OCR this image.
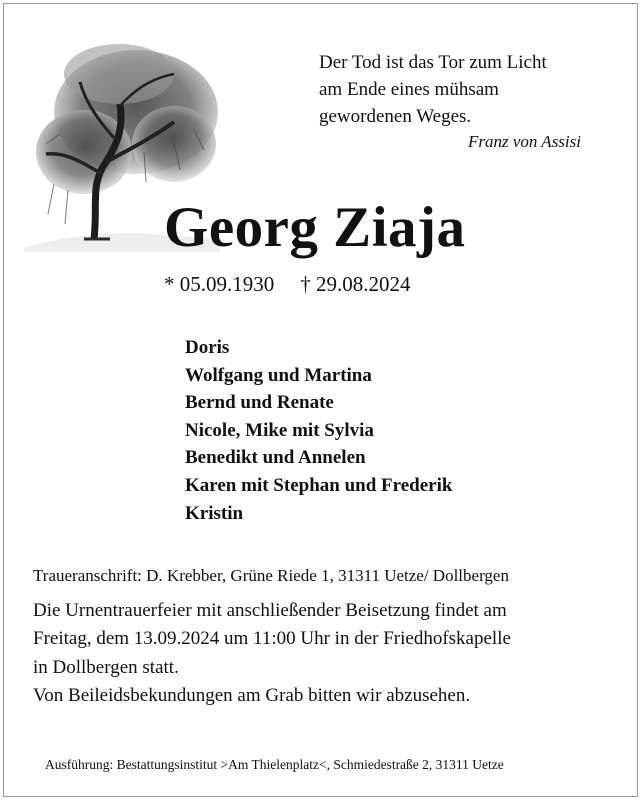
Der Tod ist das Tor zum Licht
am Ende eines mühsam
gewordenen Weges.
Franz von Assisi
Georg Ziaja
* 05.09.1930 † 29.08.2024
Doris
Wolfgang und Martina
Bernd und Renate
Nicole, Mike mit Sylvia
Benedikt und Annelen
Karen mit Stephan und Frederik
Kristin
Traueranschrift: D. Krebber, Grüne Riede 1, 31311 Uetze/ Dollbergen
Die Urnentrauerfeier mit anschließender Beisetzung findet am
Freitag, dem 13.09.2024 um 11:00 Uhr in der Friedhofskapelle
in Dollbergen statt.
Von Beileidsbekundungen am Grab bitten wir abzusehen.
Ausführung: Bestattungsinstitut >Am Thielenplatz<, Schmiedestraße 2, 31311 Uetze
